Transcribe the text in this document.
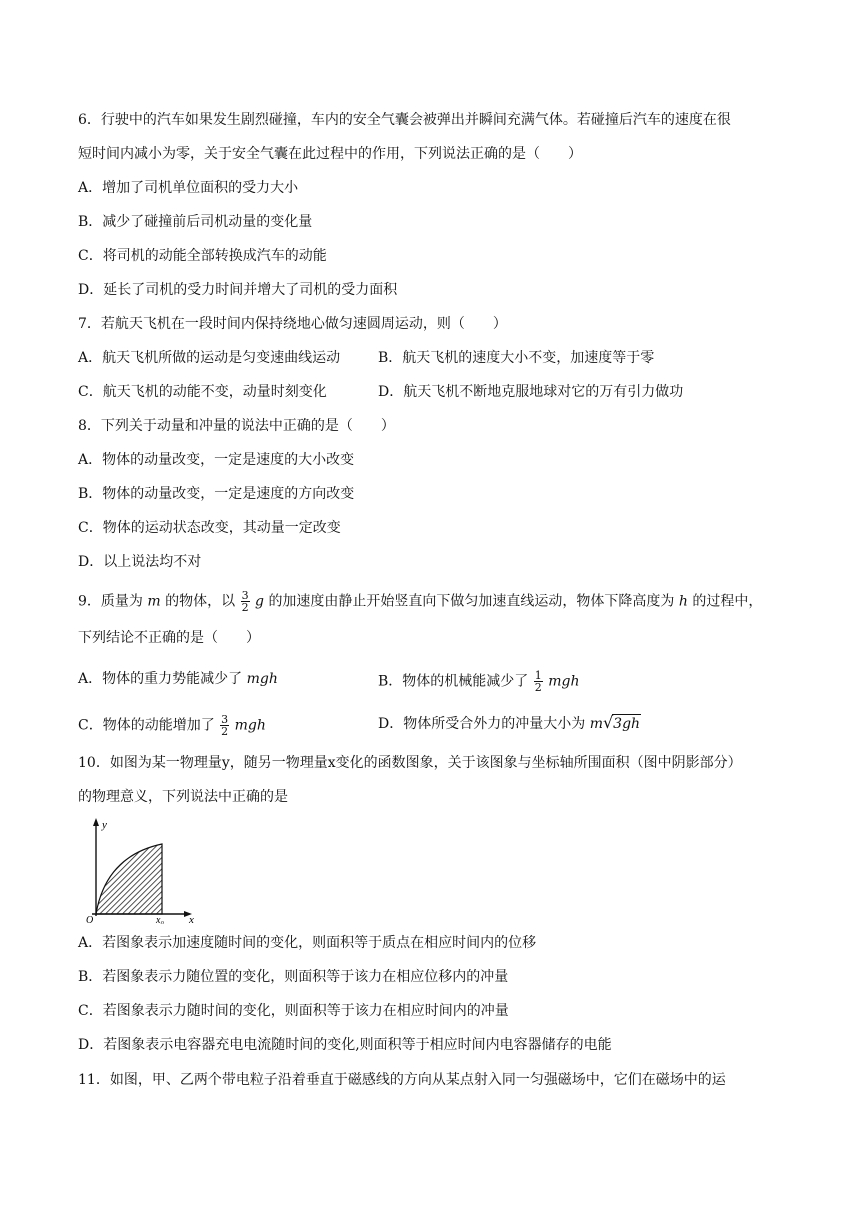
6．行驶中的汽车如果发生剧烈碰撞，车内的安全气囊会被弹出并瞬间充满气体。若碰撞后汽车的速度在很
短时间内减小为零，关于安全气囊在此过程中的作用，下列说法正确的是（　　）
A．增加了司机单位面积的受力大小
B．减少了碰撞前后司机动量的变化量
C．将司机的动能全部转换成汽车的动能
D．延长了司机的受力时间并增大了司机的受力面积
7．若航天飞机在一段时间内保持绕地心做匀速圆周运动，则（　　）
A．航天飞机所做的运动是匀变速曲线运动	B．航天飞机的速度大小不变，加速度等于零
C．航天飞机的动能不变，动量时刻变化	D．航天飞机不断地克服地球对它的万有引力做功
8．下列关于动量和冲量的说法中正确的是（　　）
A．物体的动量改变，一定是速度的大小改变
B．物体的动量改变，一定是速度的方向改变
C．物体的运动状态改变，其动量一定改变
D．以上说法均不对
9．质量为 m 的物体，以 $\frac{3}{2}$ g 的加速度由静止开始竖直向下做匀加速直线运动，物体下降高度为 h 的过程中，
下列结论不正确的是（　　）
A．物体的重力势能减少了 mgh	B．物体的机械能减少了 $\frac{1}{2}$ mgh
C．物体的动能增加了 $\frac{3}{2}$ mgh	D．物体所受合外力的冲量大小为 m√3gh
10．如图为某一物理量y，随另一物理量x变化的函数图象，关于该图象与坐标轴所围面积（图中阴影部分）
的物理意义，下列说法中正确的是
y
x
O	x₀
A．若图象表示加速度随时间的变化，则面积等于质点在相应时间内的位移
B．若图象表示力随位置的变化，则面积等于该力在相应位移内的冲量
C．若图象表示力随时间的变化，则面积等于该力在相应时间内的冲量
D．若图象表示电容器充电电流随时间的变化,则面积等于相应时间内电容器储存的电能
11．如图，甲、乙两个带电粒子沿着垂直于磁感线的方向从某点射入同一匀强磁场中，它们在磁场中的运
